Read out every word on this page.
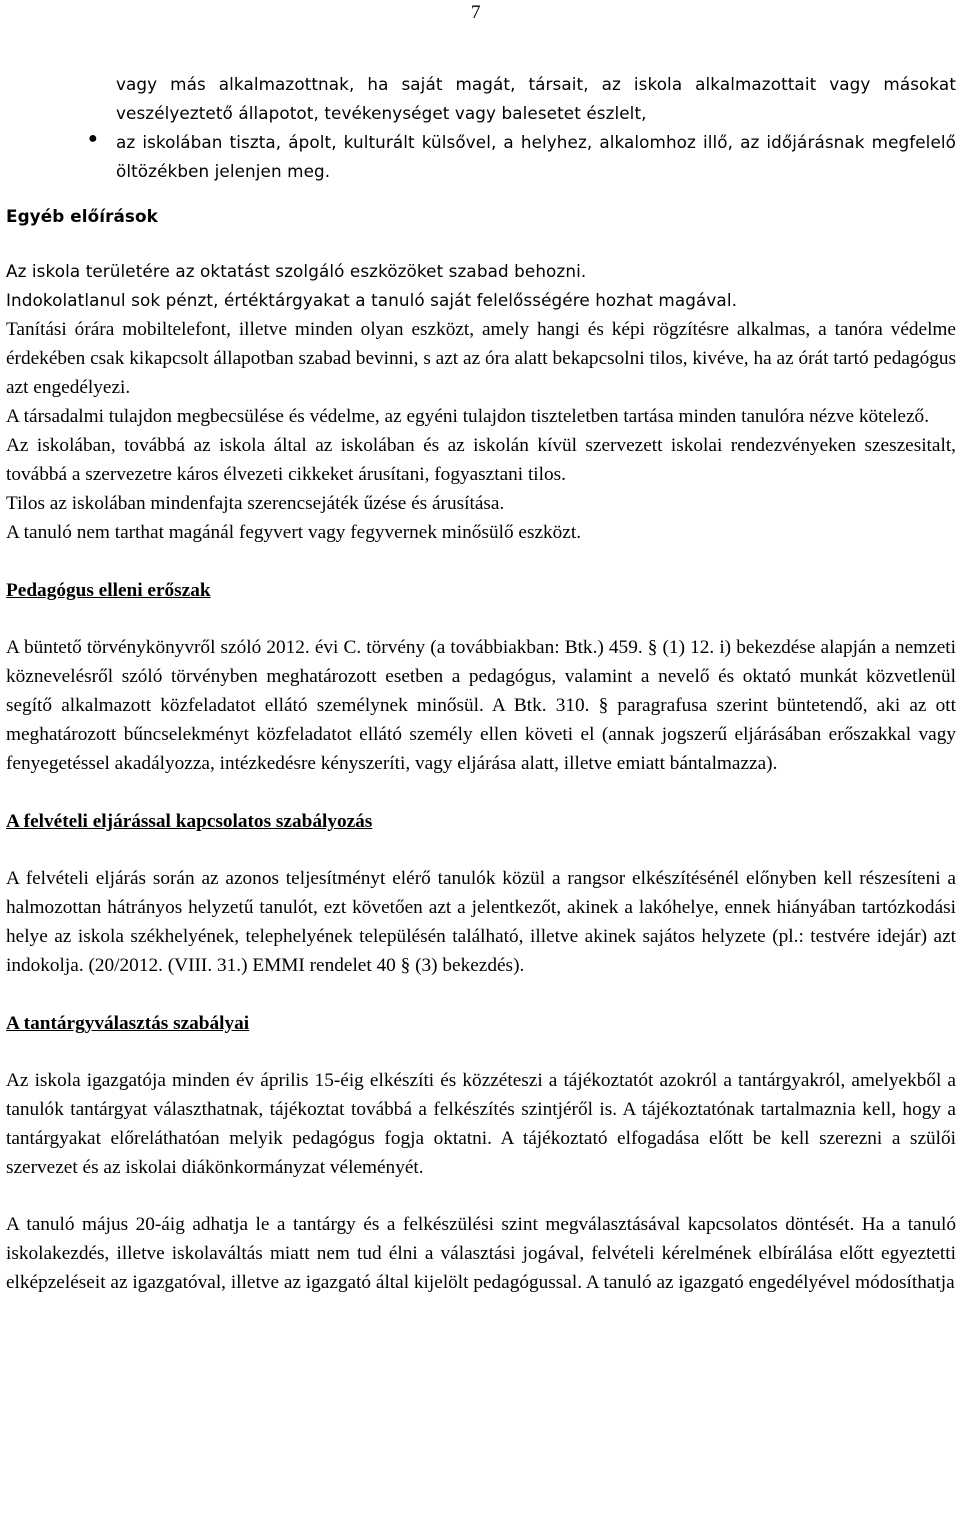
7

vagy más alkalmazottnak, ha saját magát, társait, az iskola alkalmazottait vagy másokat veszélyeztető állapotot, tevékenységet vagy balesetet észlelt,

● az iskolában tiszta, ápolt, kulturált külsővel, a helyhez, alkalomhoz illő, az időjárásnak megfelelő öltözékben jelenjen meg.

Egyéb előírások

Az iskola területére az oktatást szolgáló eszközöket szabad behozni.

Indokolatlanul sok pénzt, értéktárgyakat a tanuló saját felelősségére hozhat magával.

Tanítási órára mobiltelefont, illetve minden olyan eszközt, amely hangi és képi rögzítésre alkalmas, a tanóra védelme érdekében csak kikapcsolt állapotban szabad bevinni, s azt az óra alatt bekapcsolni tilos, kivéve, ha az órát tartó pedagógus azt engedélyezi.

A társadalmi tulajdon megbecsülése és védelme, az egyéni tulajdon tiszteletben tartása minden tanulóra nézve kötelező.

Az iskolában, továbbá az iskola által az iskolában és az iskolán kívül szervezett iskolai rendezvényeken szeszesitalt, továbbá a szervezetre káros élvezeti cikkeket árusítani, fogyasztani tilos.

Tilos az iskolában mindenfajta szerencsejáték űzése és árusítása.

A tanuló nem tarthat magánál fegyvert vagy fegyvernek minősülő eszközt.

Pedagógus elleni erőszak

A büntető törvénykönyvről szóló 2012. évi C. törvény (a továbbiakban: Btk.) 459. § (1) 12. i) bekezdése alapján a nemzeti köznevelésről szóló törvényben meghatározott esetben a pedagógus, valamint a nevelő és oktató munkát közvetlenül segítő alkalmazott közfeladatot ellátó személynek minősül. A Btk. 310. § paragrafusa szerint büntetendő, aki az ott meghatározott bűncselekményt közfeladatot ellátó személy ellen követi el (annak jogszerű eljárásában erőszakkal vagy fenyegetéssel akadályozza, intézkedésre kényszeríti, vagy eljárása alatt, illetve emiatt bántalmazza).

A felvételi eljárással kapcsolatos szabályozás

A felvételi eljárás során az azonos teljesítményt elérő tanulók közül a rangsor elkészítésénél előnyben kell részesíteni a halmozottan hátrányos helyzetű tanulót, ezt követően azt a jelentkezőt, akinek a lakóhelye, ennek hiányában tartózkodási helye az iskola székhelyének, telephelyének településén található, illetve akinek sajátos helyzete (pl.: testvére idejár) azt indokolja. (20/2012. (VIII. 31.) EMMI rendelet 40 § (3) bekezdés).

A tantárgyválasztás szabályai

Az iskola igazgatója minden év április 15-éig elkészíti és közzéteszi a tájékoztatót azokról a tantárgyakról, amelyekből a tanulók tantárgyat választhatnak, tájékoztat továbbá a felkészítés szintjéről is. A tájékoztatónak tartalmaznia kell, hogy a tantárgyakat előreláthatóan melyik pedagógus fogja oktatni. A tájékoztató elfogadása előtt be kell szerezni a szülői szervezet és az iskolai diákönkormányzat véleményét.

A tanuló május 20-áig adhatja le a tantárgy és a felkészülési szint megválasztásával kapcsolatos döntését. Ha a tanuló iskolakezdés, illetve iskolaváltás miatt nem tud élni a választási jogával, felvételi kérelmének elbírálása előtt egyeztetti elképzeléseit az igazgatóval, illetve az igazgató által kijelölt pedagógussal. A tanuló az igazgató engedélyével módosíthatja
